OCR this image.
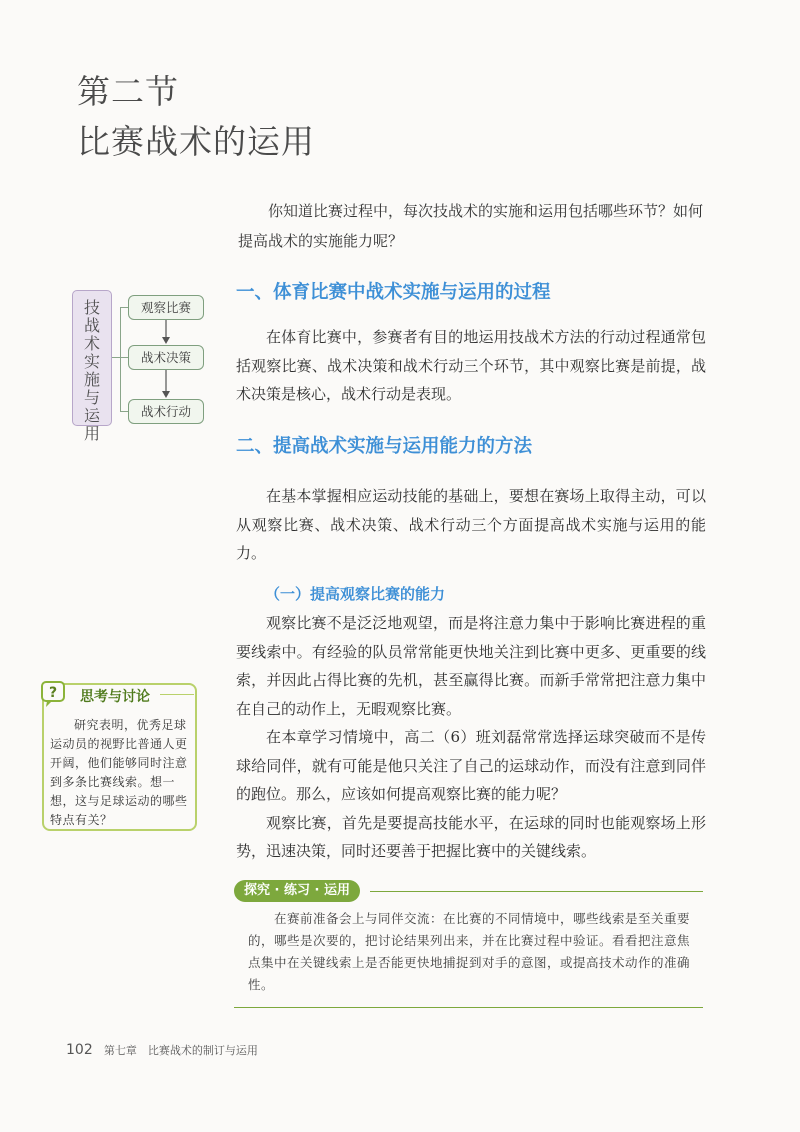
第二节
比赛战术的运用
你知道比赛过程中，每次技战术的实施和运用包括哪些环节？如何提高战术的实施能力呢？
一、体育比赛中战术实施与运用的过程
在体育比赛中，参赛者有目的地运用技战术方法的行动过程通常包括观察比赛、战术决策和战术行动三个环节，其中观察比赛是前提，战术决策是核心，战术行动是表现。
技战术实施与运用
观察比赛
战术决策
战术行动
二、提高战术实施与运用能力的方法
在基本掌握相应运动技能的基础上，要想在赛场上取得主动，可以从观察比赛、战术决策、战术行动三个方面提高战术实施与运用的能力。
（一）提高观察比赛的能力
观察比赛不是泛泛地观望，而是将注意力集中于影响比赛进程的重要线索中。有经验的队员常常能更快地关注到比赛中更多、更重要的线索，并因此占得比赛的先机，甚至赢得比赛。而新手常常把注意力集中在自己的动作上，无暇观察比赛。
在本章学习情境中，高二（6）班刘磊常常选择运球突破而不是传球给同伴，就有可能是他只关注了自己的运球动作，而没有注意到同伴的跑位。那么，应该如何提高观察比赛的能力呢？
观察比赛，首先是要提高技能水平，在运球的同时也能观察场上形势，迅速决策，同时还要善于把握比赛中的关键线索。
? 思考与讨论
研究表明，优秀足球运动员的视野比普通人更开阔，他们能够同时注意到多条比赛线索。想一想，这与足球运动的哪些特点有关？
探究 · 练习 · 运用
在赛前准备会上与同伴交流：在比赛的不同情境中，哪些线索是至关重要的，哪些是次要的，把讨论结果列出来，并在比赛过程中验证。看看把注意焦点集中在关键线索上是否能更快地捕捉到对手的意图，或提高技术动作的准确性。
102 第七章　比赛战术的制订与运用
